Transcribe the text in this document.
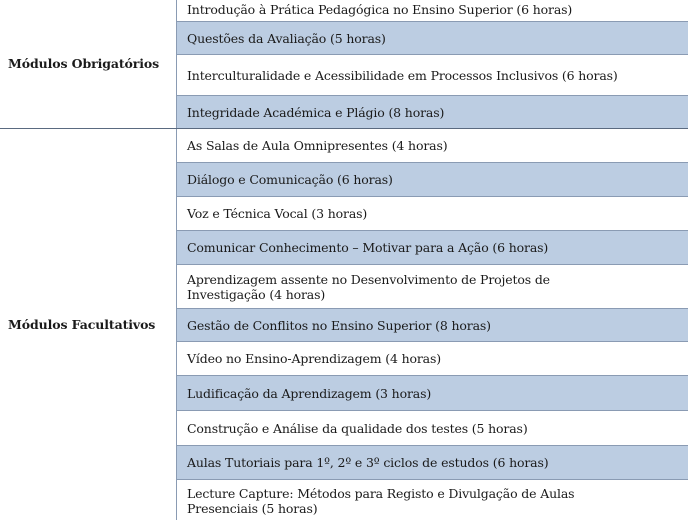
Módulos Obrigatórios
Introdução à Prática Pedagógica no Ensino Superior (6 horas)
Questões da Avaliação (5 horas)
Interculturalidade e Acessibilidade em Processos Inclusivos (6 horas)
Integridade Académica e Plágio (8 horas)
Módulos Facultativos
As Salas de Aula Omnipresentes (4 horas)
Diálogo e Comunicação (6 horas)
Voz e Técnica Vocal (3 horas)
Comunicar Conhecimento – Motivar para a Ação (6 horas)
Aprendizagem assente no Desenvolvimento de Projetos de Investigação (4 horas)
Gestão de Conflitos no Ensino Superior (8 horas)
Vídeo no Ensino-Aprendizagem (4 horas)
Ludificação da Aprendizagem (3 horas)
Construção e Análise da qualidade dos testes (5 horas)
Aulas Tutoriais para 1º, 2º e 3º ciclos de estudos (6 horas)
Lecture Capture: Métodos para Registo e Divulgação de Aulas Presenciais (5 horas)
